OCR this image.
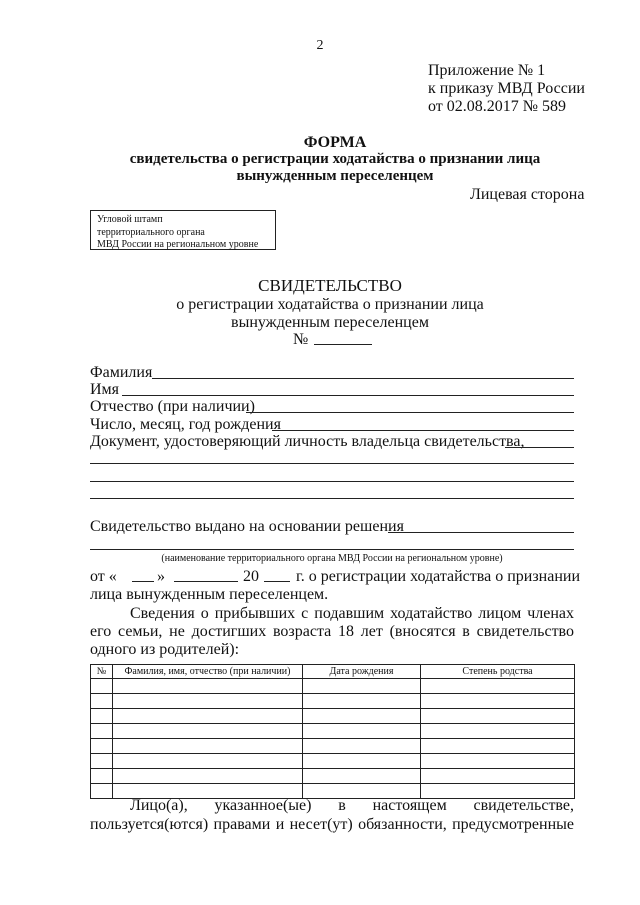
2
Приложение № 1
к приказу МВД России
от 02.08.2017 № 589
ФОРМА
свидетельства о регистрации ходатайства о признании лица
вынужденным переселенцем
Лицевая сторона
Угловой штамп
территориального органа
МВД России на региональном уровне
СВИДЕТЕЛЬСТВО
о регистрации ходатайства о признании лица
вынужденным переселенцем
№
Фамилия
Имя
Отчество (при наличии)
Число, месяц, год рождения
Документ, удостоверяющий личность владельца свидетельства,
Свидетельство выдано на основании решения
(наименование территориального органа МВД России на региональном уровне)
от «	»	20 г. о регистрации ходатайства о признании
лица вынужденным переселенцем.
Сведения о прибывших с подавшим ходатайство лицом членах его семьи, не достигших возраста 18 лет (вносятся в свидетельство одного из родителей):
№	Фамилия, имя, отчество (при наличии)	Дата рождения	Степень родства

Лицо(а), указанное(ые) в настоящем свидетельстве, пользуется(ются) правами и несет(ут) обязанности, предусмотренные
